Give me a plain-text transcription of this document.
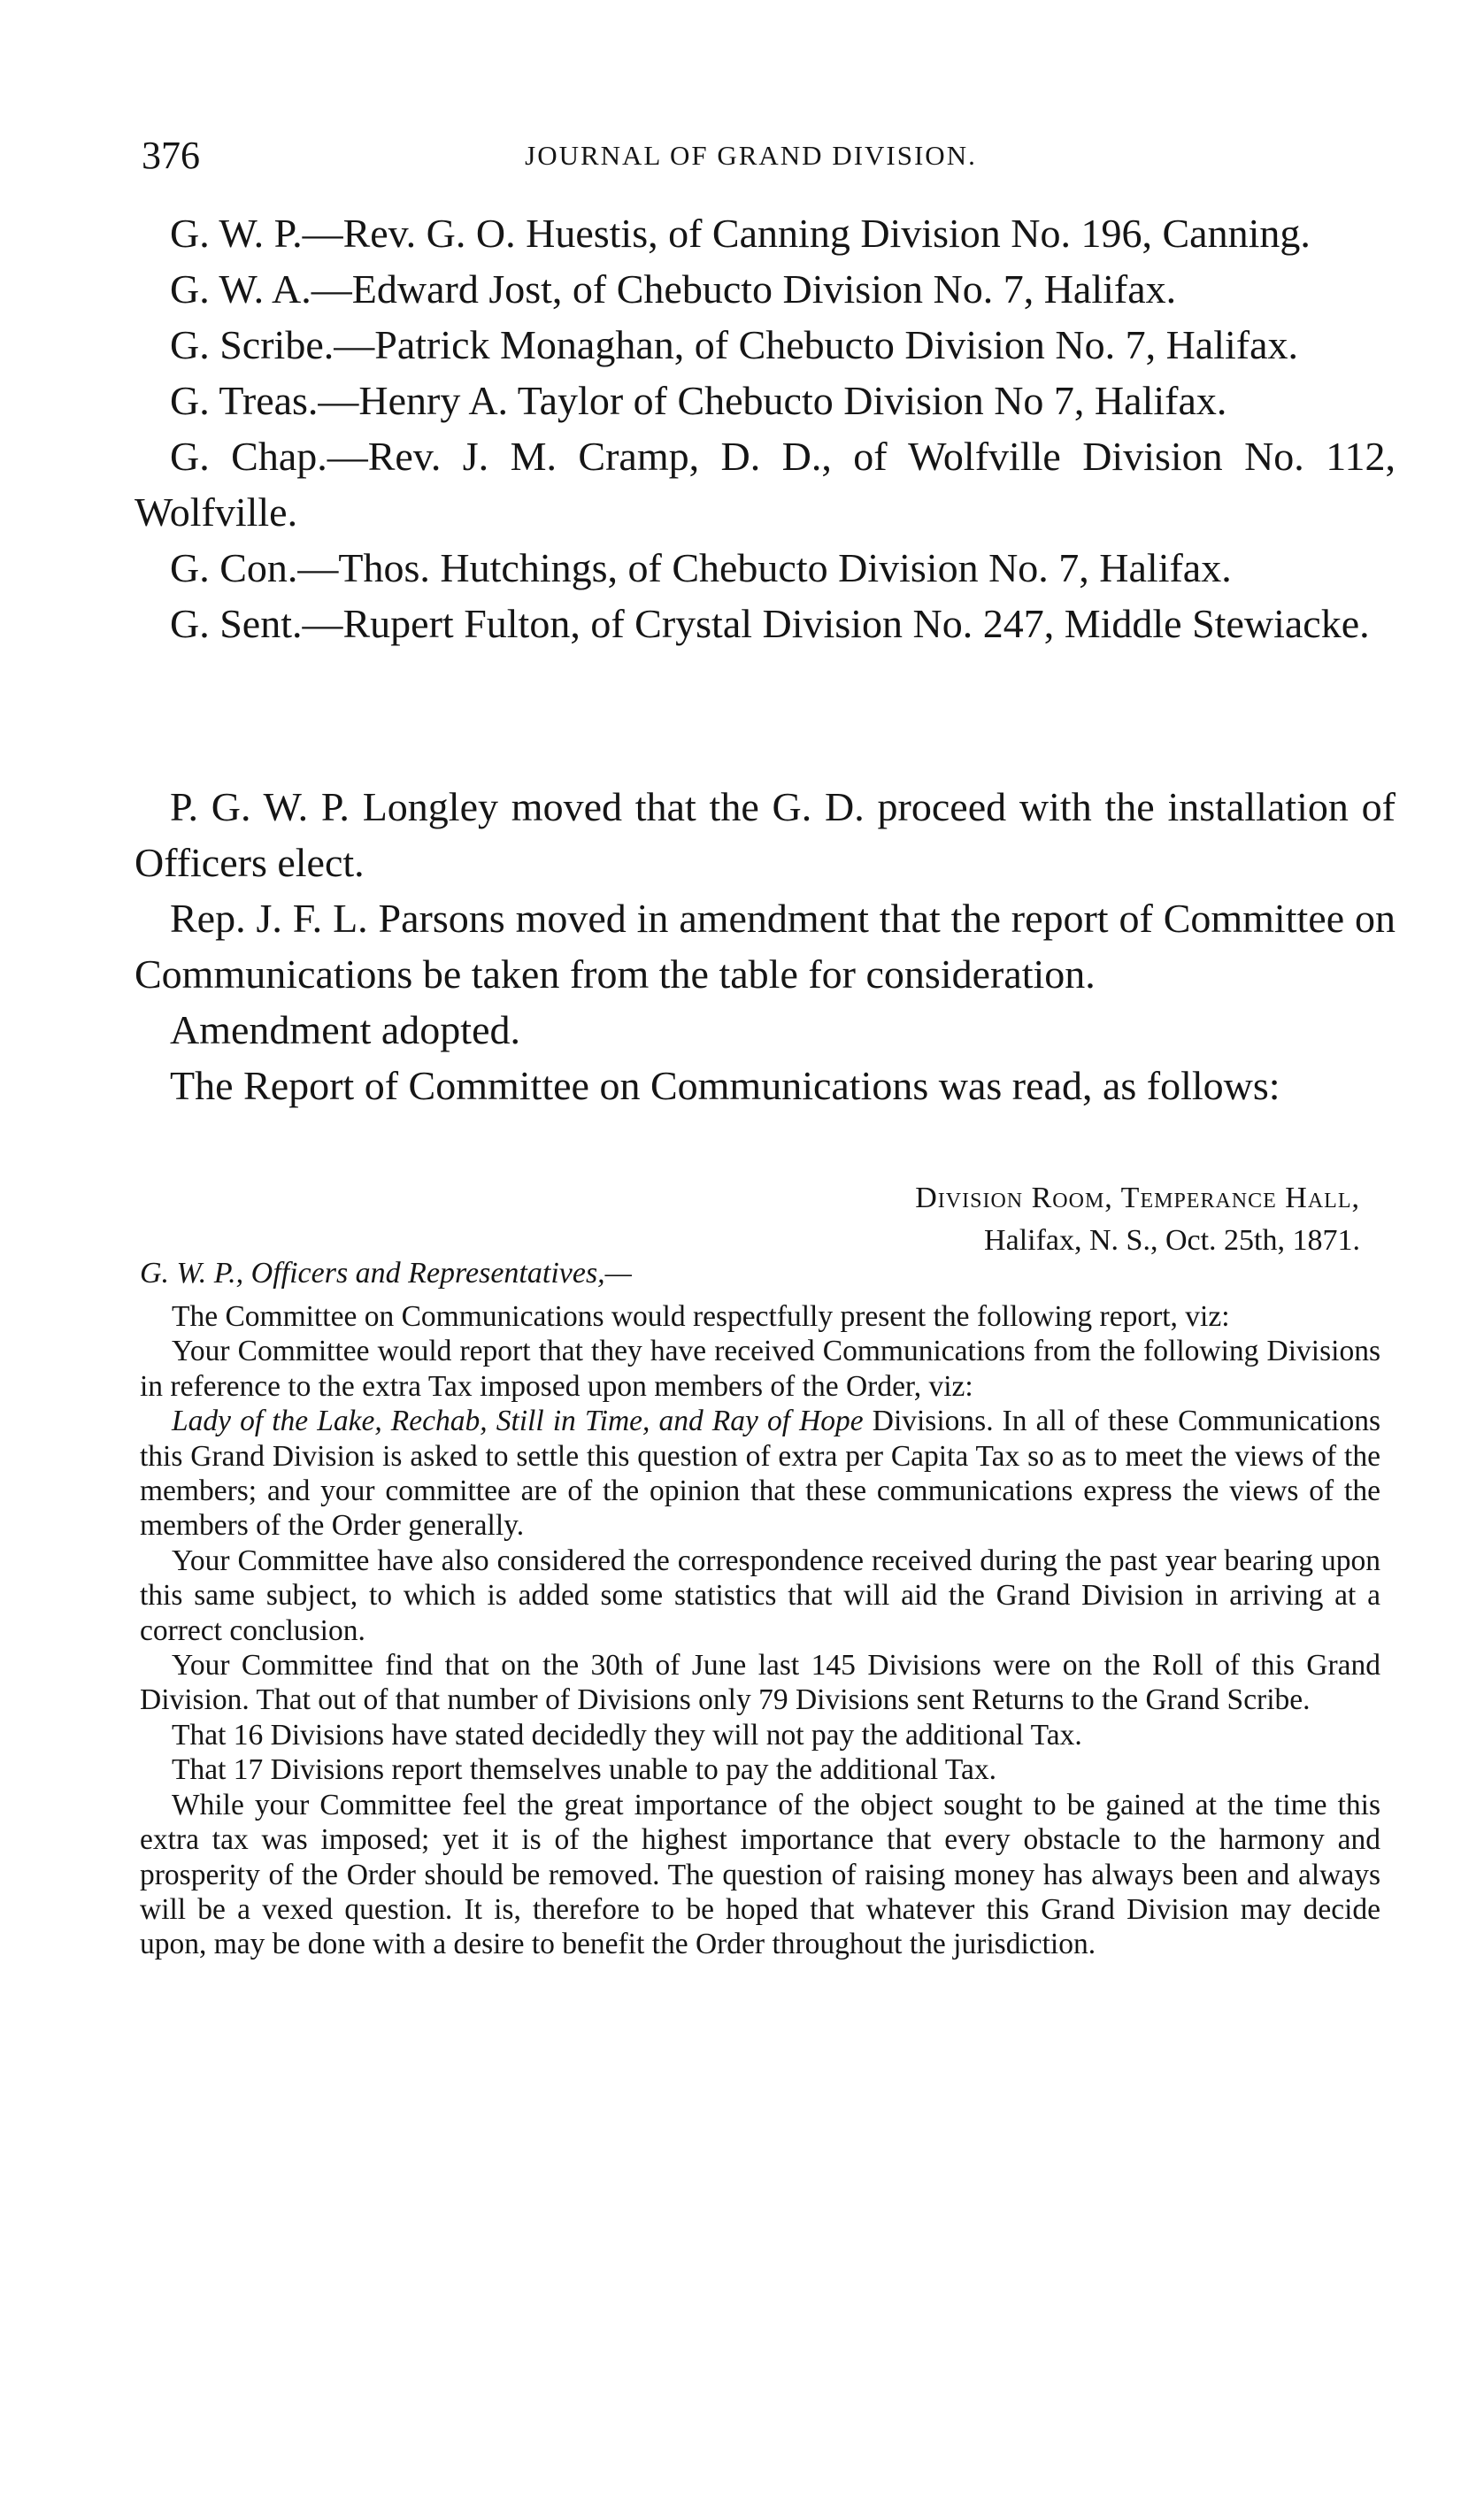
376	JOURNAL OF GRAND DIVISION.

G. W. P.—Rev. G. O. Huestis, of Canning Division No. 196, Canning.

G. W. A.—Edward Jost, of Chebucto Division No. 7, Halifax.

G. Scribe.—Patrick Monaghan, of Chebucto Division No. 7, Halifax.

G. Treas.—Henry A. Taylor of Chebucto Division No 7, Halifax.

G. Chap.—Rev. J. M. Cramp, D. D., of Wolfville Division No. 112, Wolfville.

G. Con.—Thos. Hutchings, of Chebucto Division No. 7, Halifax.

G. Sent.—Rupert Fulton, of Crystal Division No. 247, Middle Stewiacke.

P. G. W. P. Longley moved that the G. D. proceed with the installation of Officers elect.

Rep. J. F. L. Parsons moved in amendment that the report of Committee on Communications be taken from the table for consideration.

Amendment adopted.

The Report of Committee on Communications was read, as follows:

Division Room, Temperance Hall,
Halifax, N. S., Oct. 25th, 1871.
G. W. P., Officers and Representatives,—

The Committee on Communications would respectfully present the following report, viz:

Your Committee would report that they have received Communications from the following Divisions in reference to the extra Tax imposed upon members of the Order, viz:

Lady of the Lake, Rechab, Still in Time, and Ray of Hope Divisions. In all of these Communications this Grand Division is asked to settle this question of extra per Capita Tax so as to meet the views of the members; and your committee are of the opinion that these communications express the views of the members of the Order generally.

Your Committee have also considered the correspondence received during the past year bearing upon this same subject, to which is added some statistics that will aid the Grand Division in arriving at a correct conclusion.

Your Committee find that on the 30th of June last 145 Divisions were on the Roll of this Grand Division. That out of that number of Divisions only 79 Divisions sent Returns to the Grand Scribe.

That 16 Divisions have stated decidedly they will not pay the additional Tax.

That 17 Divisions report themselves unable to pay the additional Tax.

While your Committee feel the great importance of the object sought to be gained at the time this extra tax was imposed; yet it is of the highest importance that every obstacle to the harmony and prosperity of the Order should be removed. The question of raising money has always been and always will be a vexed question. It is, therefore to be hoped that whatever this Grand Division may decide upon, may be done with a desire to benefit the Order throughout the jurisdiction.
